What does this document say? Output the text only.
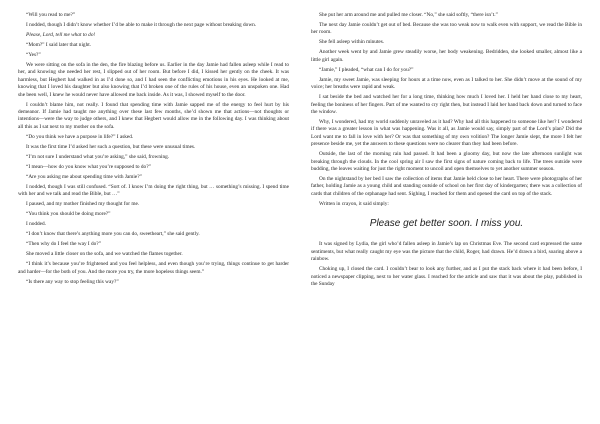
“Will you read to me?”

I nodded, though I didn’t know whether I’d be able to make it through the next page without breaking down.

Please, Lord, tell me what to do!

“Mom?” I said later that night.

“Yes?”

We were sitting on the sofa in the den, the fire blazing before us. Earlier in the day Jamie had fallen asleep while I read to her, and knowing she needed her rest, I slipped out of her room. But before I did, I kissed her gently on the cheek. It was harmless, but Hegbert had walked in as I’d done so, and I had seen the conflicting emotions in his eyes. He looked at me, knowing that I loved his daughter but also knowing that I’d broken one of the rules of his house, even an unspoken one. Had she been well, I knew he would never have allowed me back inside. As it was, I showed myself to the door.

I couldn’t blame him, not really. I found that spending time with Jamie sapped me of the energy to feel hurt by his demeanor. If Jamie had taught me anything over these last few months, she’d shown me that actions—not thoughts or intentions—were the way to judge others, and I knew that Hegbert would allow me in the following day. I was thinking about all this as I sat next to my mother on the sofa.

“Do you think we have a purpose in life?” I asked.

It was the first time I’d asked her such a question, but these were unusual times.

“I’m not sure I understand what you’re asking,” she said, frowning.

“I mean—how do you know what you’re supposed to do?”

“Are you asking me about spending time with Jamie?”

I nodded, though I was still confused. “Sort of. I know I’m doing the right thing, but … something’s missing. I spend time with her and we talk and read the Bible, but …”

I paused, and my mother finished my thought for me.

“You think you should be doing more?”

I nodded.

“I don’t know that there’s anything more you can do, sweetheart,” she said gently.

“Then why do I feel the way I do?”

She moved a little closer on the sofa, and we watched the flames together.

“I think it’s because you’re frightened and you feel helpless, and even though you’re trying, things continue to get harder and harder—for the both of you. And the more you try, the more hopeless things seem.”

“Is there any way to stop feeling this way?”

She put her arm around me and pulled me closer. “No,” she said softly, “there isn’t.”

The next day Jamie couldn’t get out of bed. Because she was too weak now to walk even with support, we read the Bible in her room.

She fell asleep within minutes.

Another week went by and Jamie grew steadily worse, her body weakening. Bedridden, she looked smaller, almost like a little girl again.

“Jamie,” I pleaded, “what can I do for you?”

Jamie, my sweet Jamie, was sleeping for hours at a time now, even as I talked to her. She didn’t move at the sound of my voice; her breaths were rapid and weak.

I sat beside the bed and watched her for a long time, thinking how much I loved her. I held her hand close to my heart, feeling the boniness of her fingers. Part of me wanted to cry right then, but instead I laid her hand back down and turned to face the window.

Why, I wondered, had my world suddenly unraveled as it had? Why had all this happened to someone like her? I wondered if there was a greater lesson in what was happening. Was it all, as Jamie would say, simply part of the Lord’s plan? Did the Lord want me to fall in love with her? Or was that something of my own volition? The longer Jamie slept, the more I felt her presence beside me, yet the answers to these questions were no clearer than they had been before.

Outside, the last of the morning rain had passed. It had been a gloomy day, but now the late afternoon sunlight was breaking through the clouds. In the cool spring air I saw the first signs of nature coming back to life. The trees outside were budding, the leaves waiting for just the right moment to uncoil and open themselves to yet another summer season.

On the nightstand by her bed I saw the collection of items that Jamie held close to her heart. There were photographs of her father, holding Jamie as a young child and standing outside of school on her first day of kindergarten; there was a collection of cards that children of the orphanage had sent. Sighing, I reached for them and opened the card on top of the stack.

Written in crayon, it said simply:

Please get better soon. I miss you.

It was signed by Lydia, the girl who’d fallen asleep in Jamie’s lap on Christmas Eve. The second card expressed the same sentiments, but what really caught my eye was the picture that the child, Roger, had drawn. He’d drawn a bird, soaring above a rainbow.

Choking up, I closed the card. I couldn’t bear to look any further, and as I put the stack back where it had been before, I noticed a newspaper clipping, next to her water glass. I reached for the article and saw that it was about the play, published in the Sunday
